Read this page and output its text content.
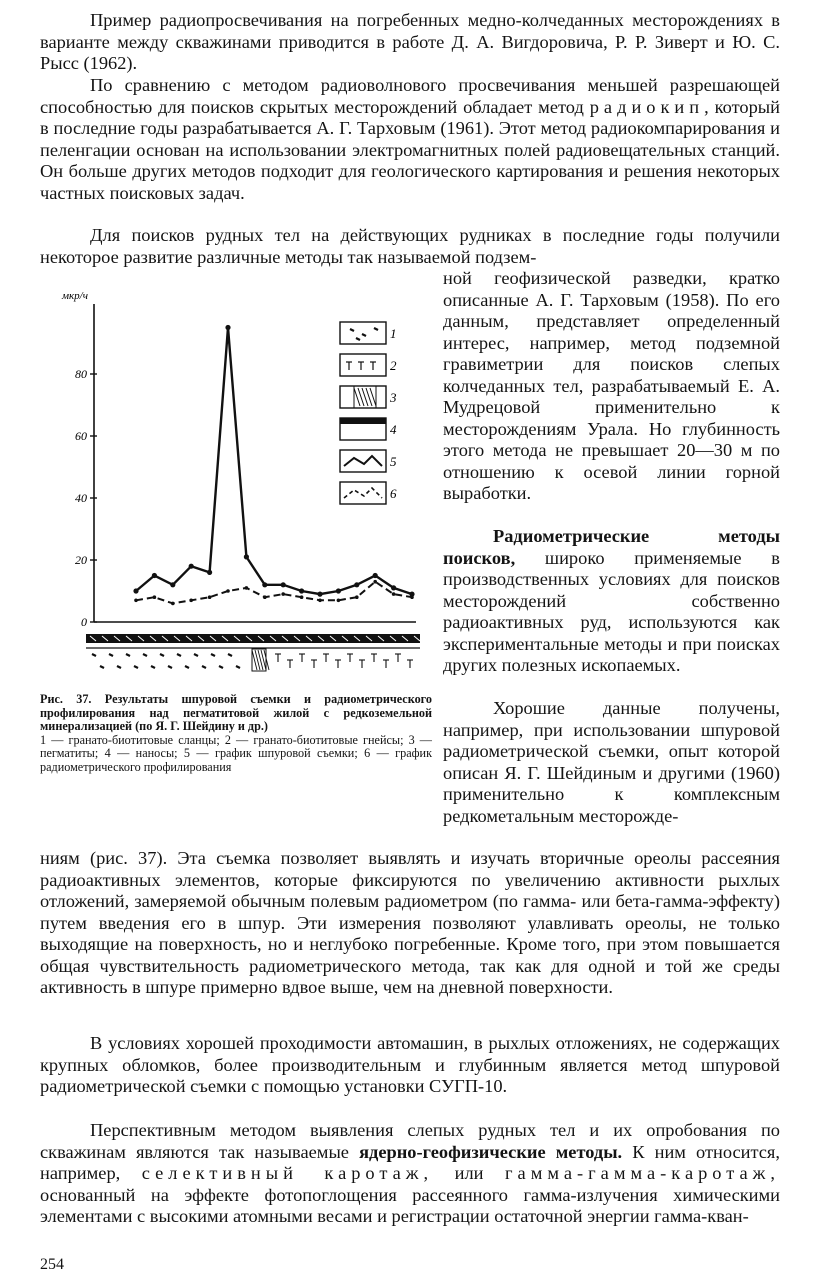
Пример радиопросвечивания на погребенных медно-колчеданных месторождениях в варианте между скважинами приводится в работе Д. А. Вигдоровича, Р. Р. Зиверт и Ю. С. Рысс (1962).

По сравнению с методом радиоволнового просвечивания меньшей разрешающей способностью для поисков скрытых месторождений обладает метод радиокип, который в последние годы разрабатывается А. Г. Тарховым (1961). Этот метод радиокомпарирования и пеленгации основан на использовании электромагнитных полей радиовещательных станций. Он больше других методов подходит для геологического картирования и решения некоторых частных поисковых задач.

Для поисков рудных тел на действующих рудниках в последние годы получили некоторое развитие различные методы так называемой подзем-

ной геофизической разведки, кратко описанные А. Г. Тарховым (1958). По его данным, представляет определенный интерес, например, метод подземной гравиметрии для поисков слепых колчеданных тел, разрабатываемый Е. А. Мудрецовой применительно к месторождениям Урала. Но глубинность этого метода не превышает 20—30 м по отношению к осевой линии горной выработки.

Радиометрические методы поисков, широко применяемые в производственных условиях для поисков месторождений собственно радиоактивных руд, используются как экспериментальные методы и при поисках других полезных ископаемых.

Хорошие данные получены, например, при использовании шпуровой радиометрической съемки, опыт которой описан Я. Г. Шейдиным и другими (1960) применительно к комплексным редкометальным месторожде-

мкр/ч
0
20
40
60
80
1
2
3
4
5
6
Рис. 37. Результаты шпуровой съемки и радиометрического профилирования над пегматитовой жилой с редкоземельной минерализацией (по Я. Г. Шейдину и др.)
1 — гранато-биотитовые сланцы; 2 — гранато-биотитовые гнейсы; 3 — пегматиты; 4 — наносы; 5 — график шпуровой съемки; 6 — график радиометрического профилирования

ниям (рис. 37). Эта съемка позволяет выявлять и изучать вторичные ореолы рассеяния радиоактивных элементов, которые фиксируются по увеличению активности рыхлых отложений, замеряемой обычным полевым радиометром (по гамма- или бета-гамма-эффекту) путем введения его в шпур. Эти измерения позволяют улавливать ореолы, не только выходящие на поверхность, но и неглубоко погребенные. Кроме того, при этом повышается общая чувствительность радиометрического метода, так как для одной и той же среды активность в шпуре примерно вдвое выше, чем на дневной поверхности.

В условиях хорошей проходимости автомашин, в рыхлых отложениях, не содержащих крупных обломков, более производительным и глубинным является метод шпуровой радиометрической съемки с помощью установки СУГП-10.

Перспективным методом выявления слепых рудных тел и их опробования по скважинам являются так называемые ядерно-геофизические методы. К ним относится, например, селективный каротаж, или гамма-гамма-каротаж, основанный на эффекте фотопоглощения рассеянного гамма-излучения химическими элементами с высокими атомными весами и регистрации остаточной энергии гамма-кван-

254
